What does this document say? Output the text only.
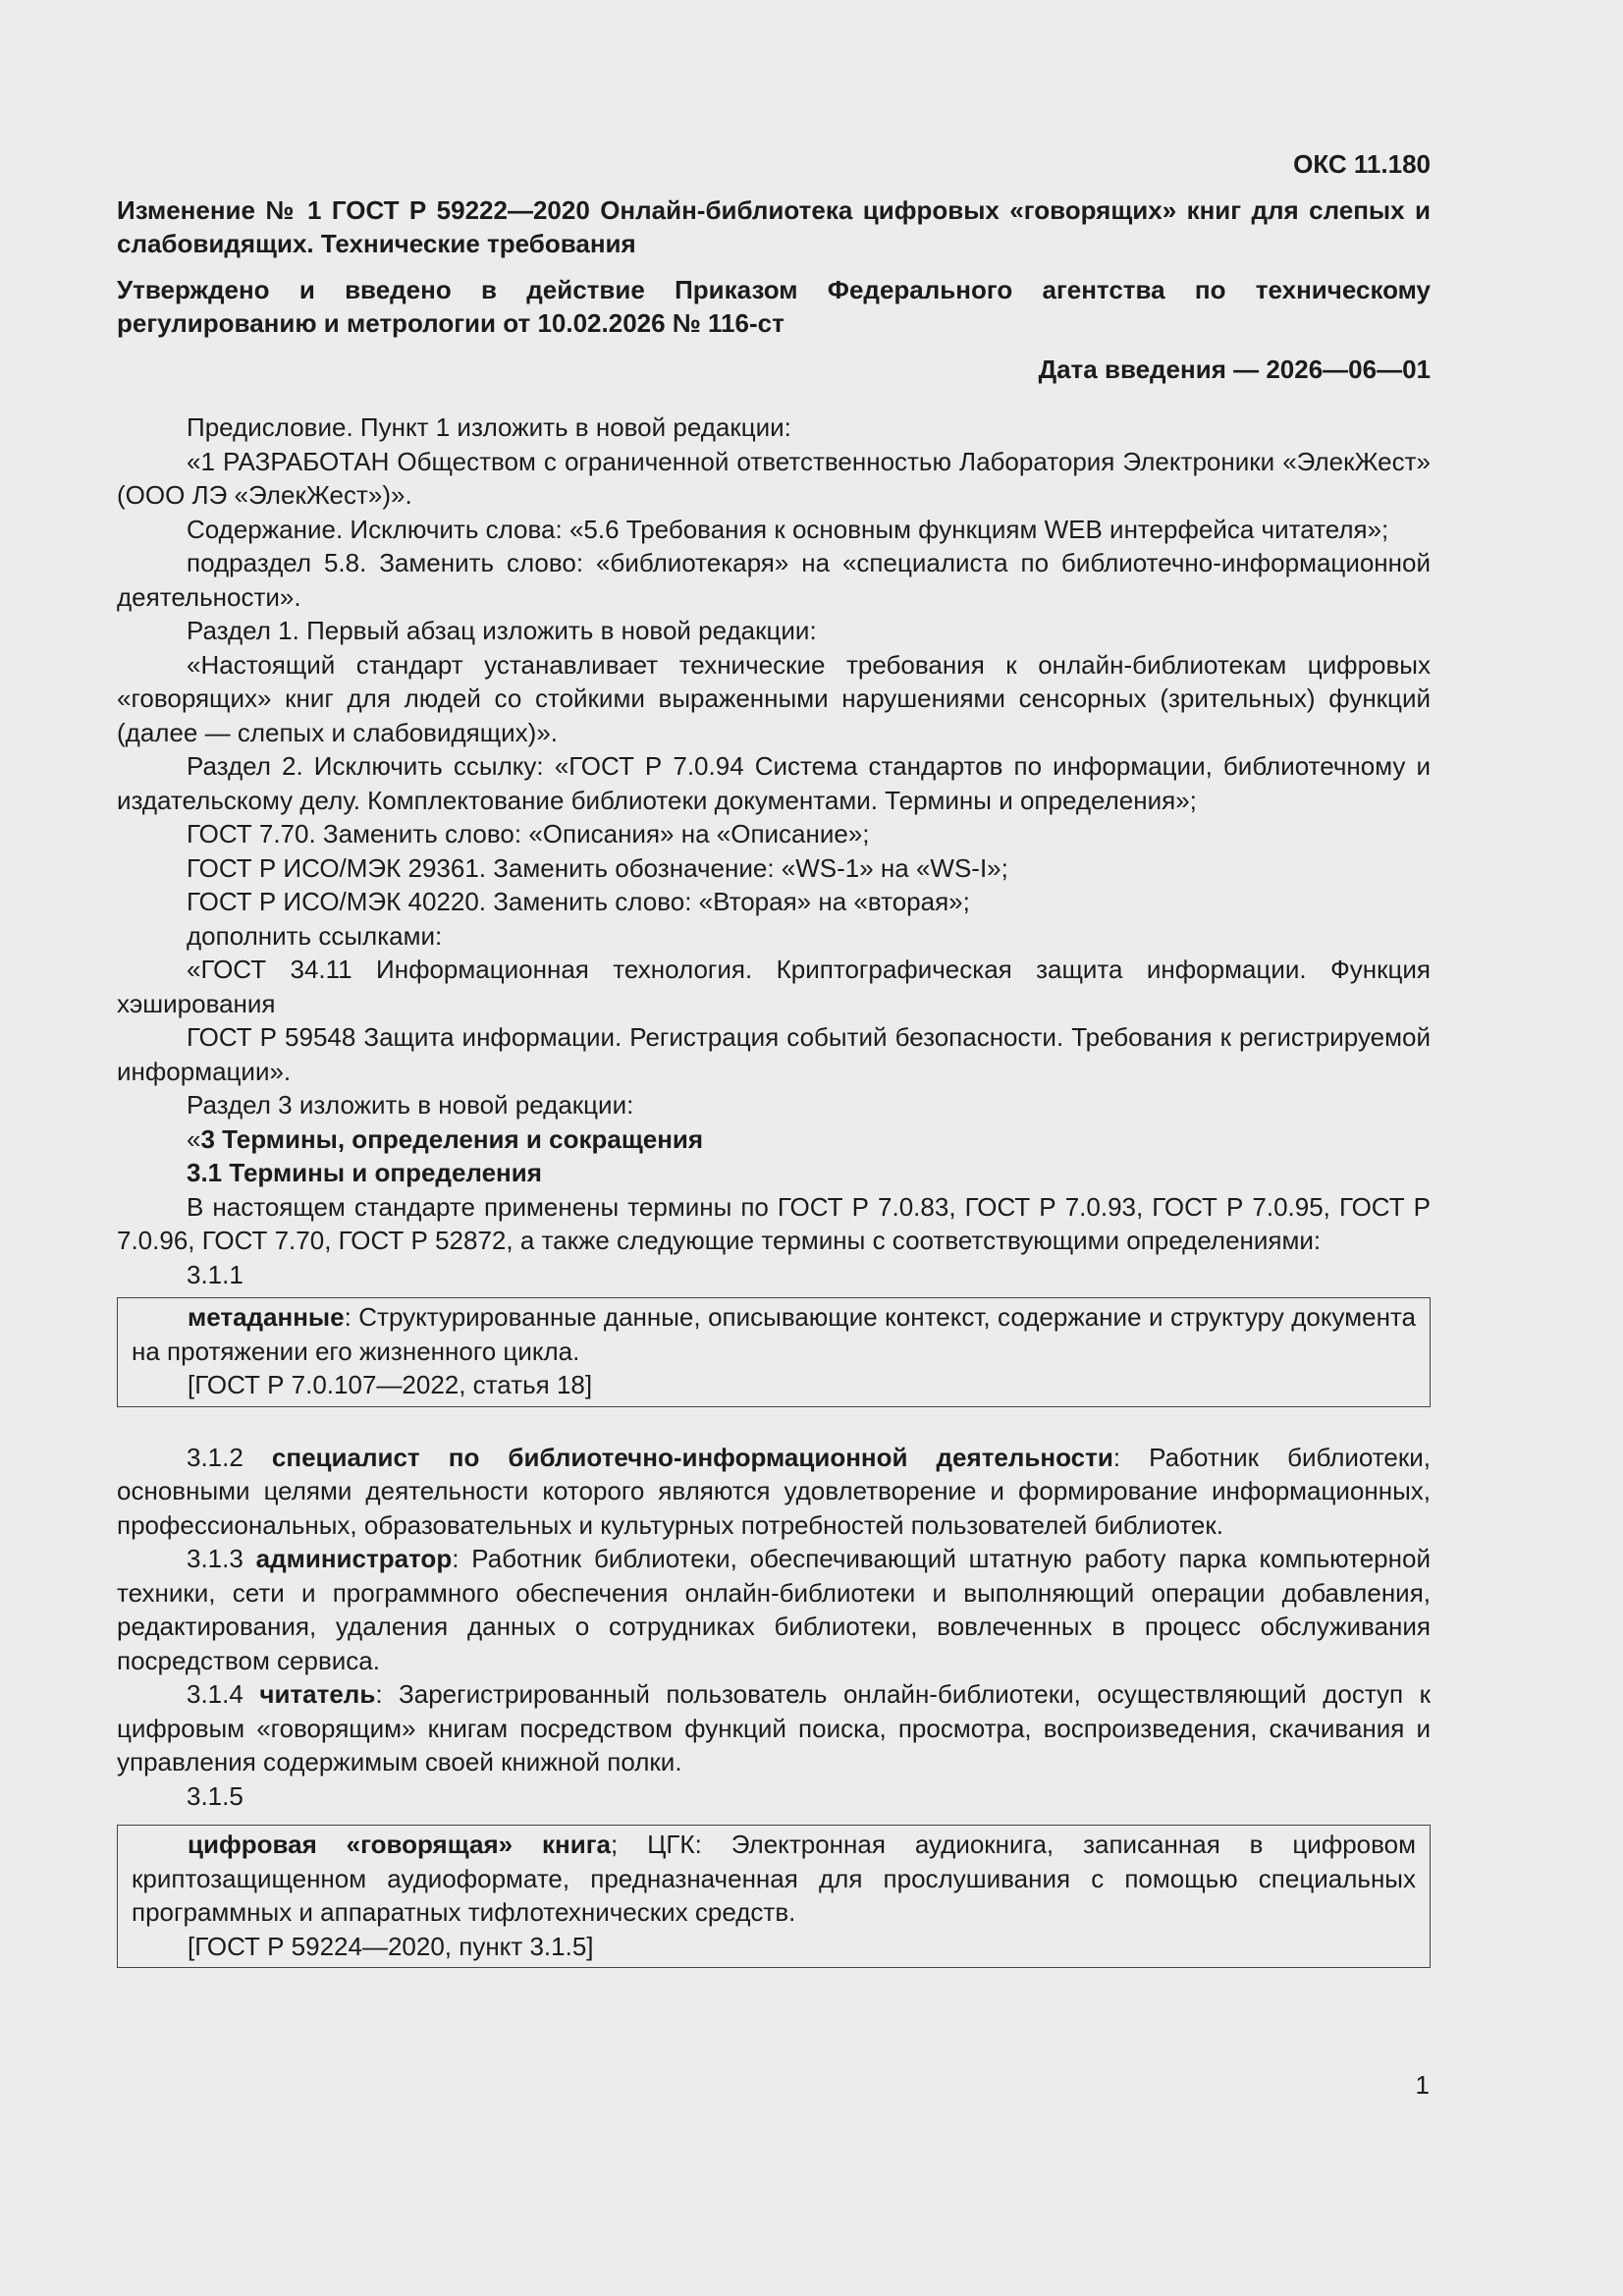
ОКС 11.180
Изменение № 1 ГОСТ Р 59222—2020 Онлайн-библиотека цифровых «говорящих» книг для слепых и слабовидящих. Технические требования
Утверждено и введено в действие Приказом Федерального агентства по техническому регулированию и метрологии от 10.02.2026 № 116-ст
Дата введения — 2026—06—01

Предисловие. Пункт 1 изложить в новой редакции:

«1 РАЗРАБОТАН Обществом с ограниченной ответственностью Лаборатория Электроники «ЭлекЖест» (ООО ЛЭ «ЭлекЖест»)».

Содержание. Исключить слова: «5.6 Требования к основным функциям WEB интерфейса читателя»;

подраздел 5.8. Заменить слово: «библиотекаря» на «специалиста по библиотечно-информационной деятельности».

Раздел 1. Первый абзац изложить в новой редакции:

«Настоящий стандарт устанавливает технические требования к онлайн-библиотекам цифровых «говорящих» книг для людей со стойкими выраженными нарушениями сенсорных (зрительных) функций (далее — слепых и слабовидящих)».

Раздел 2. Исключить ссылку: «ГОСТ Р 7.0.94 Система стандартов по информации, библиотечному и издательскому делу. Комплектование библиотеки документами. Термины и определения»;

ГОСТ 7.70. Заменить слово: «Описания» на «Описание»;

ГОСТ Р ИСО/МЭК 29361. Заменить обозначение: «WS-1» на «WS-I»;

ГОСТ Р ИСО/МЭК 40220. Заменить слово: «Вторая» на «вторая»;

дополнить ссылками:

«ГОСТ 34.11 Информационная технология. Криптографическая защита информации. Функция хэширования

ГОСТ Р 59548 Защита информации. Регистрация событий безопасности. Требования к регистрируемой информации».

Раздел 3 изложить в новой редакции:

«3 Термины, определения и сокращения

3.1 Термины и определения

В настоящем стандарте применены термины по ГОСТ Р 7.0.83, ГОСТ Р 7.0.93, ГОСТ Р 7.0.95, ГОСТ Р 7.0.96, ГОСТ 7.70, ГОСТ Р 52872, а также следующие термины с соответствующими определениями:

3.1.1

метаданные: Структурированные данные, описывающие контекст, содержание и структуру документа на протяжении его жизненного цикла.

[ГОСТ Р 7.0.107—2022, статья 18]

3.1.2 специалист по библиотечно-информационной деятельности: Работник библиотеки, основными целями деятельности которого являются удовлетворение и формирование информационных, профессиональных, образовательных и культурных потребностей пользователей библиотек.

3.1.3 администратор: Работник библиотеки, обеспечивающий штатную работу парка компьютерной техники, сети и программного обеспечения онлайн-библиотеки и выполняющий операции добавления, редактирования, удаления данных о сотрудниках библиотеки, вовлеченных в процесс обслуживания посредством сервиса.

3.1.4 читатель: Зарегистрированный пользователь онлайн-библиотеки, осуществляющий доступ к цифровым «говорящим» книгам посредством функций поиска, просмотра, воспроизведения, скачивания и управления содержимым своей книжной полки.

3.1.5

цифровая «говорящая» книга; ЦГК: Электронная аудиокнига, записанная в цифровом криптозащищенном аудиоформате, предназначенная для прослушивания с помощью специальных программных и аппаратных тифлотехнических средств.

[ГОСТ Р 59224—2020, пункт 3.1.5]

1
